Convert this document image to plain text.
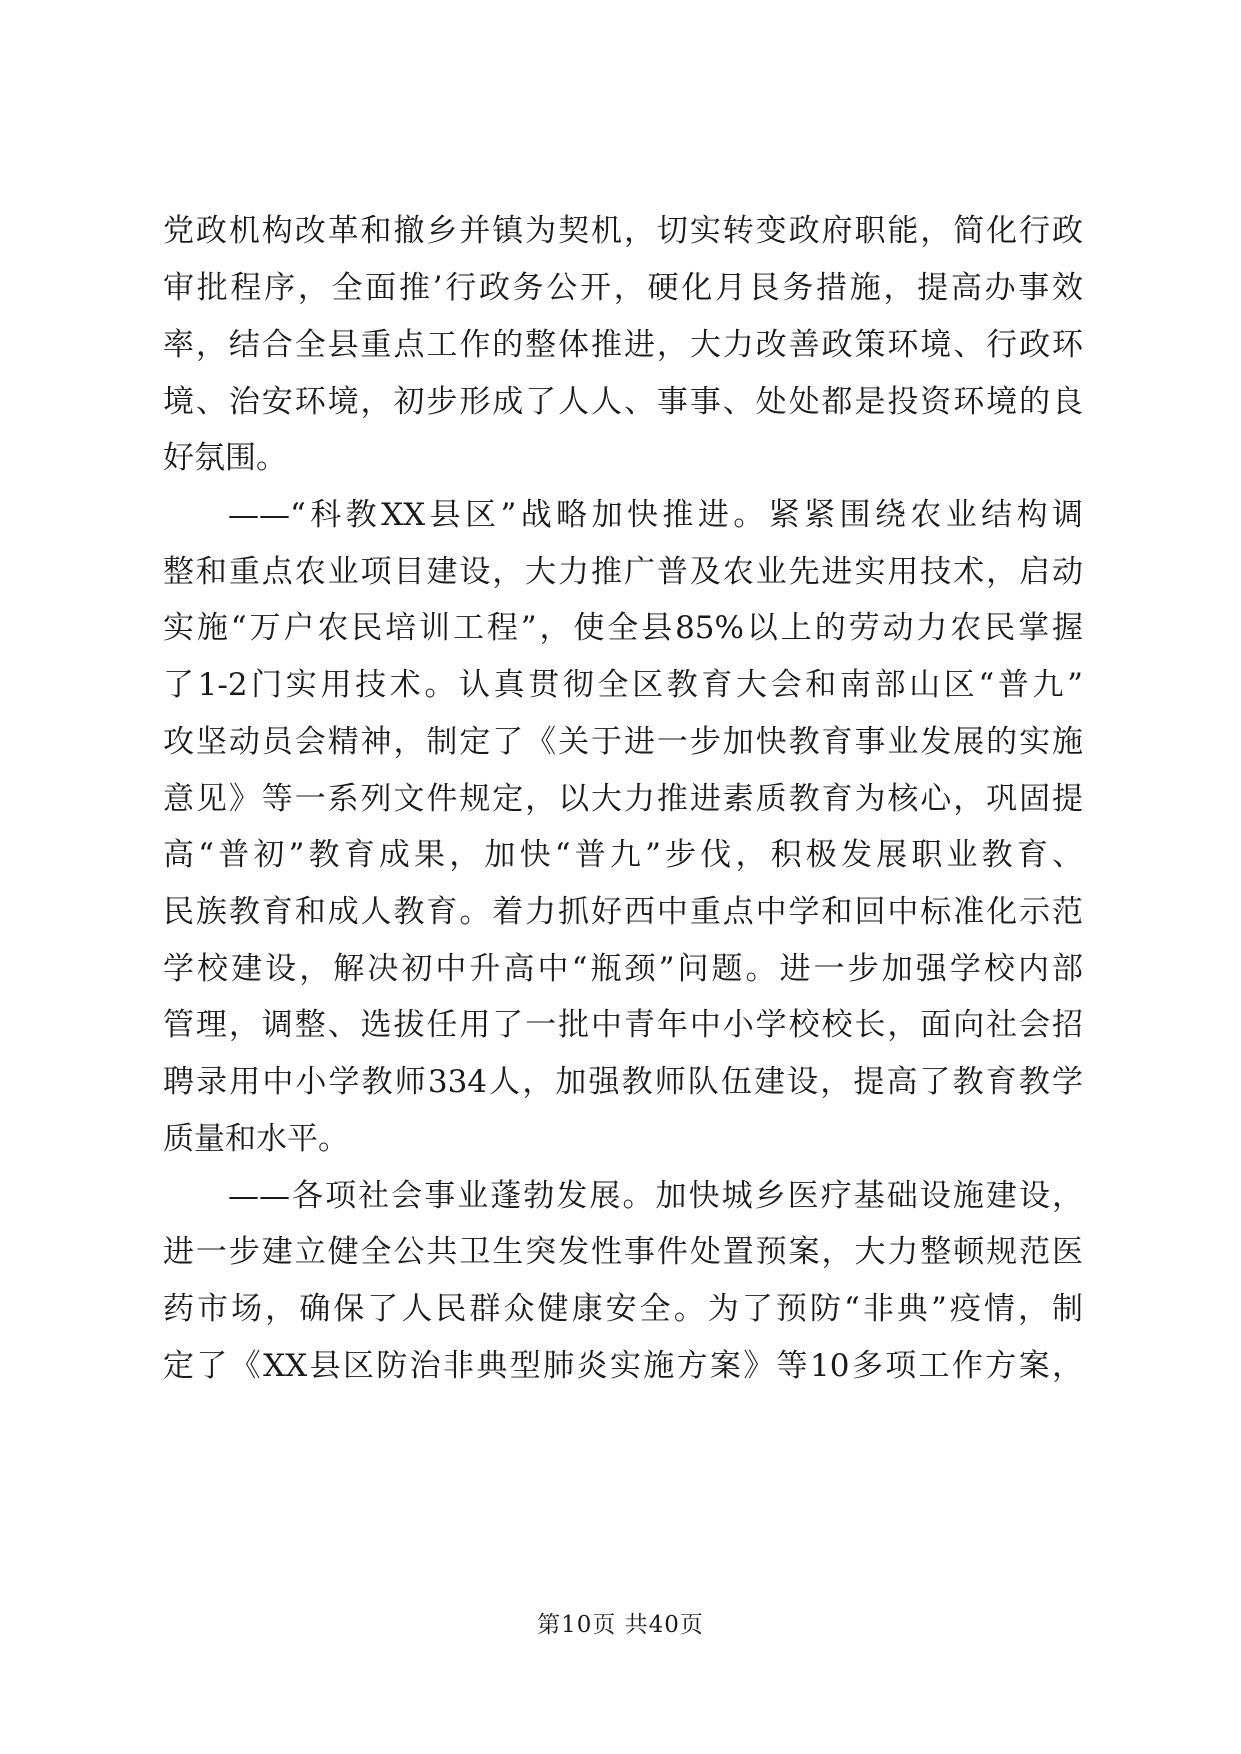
党政机构改革和撤乡并镇为契机，切实转变政府职能，简化行政
审批程序，全面推’行政务公开，硬化月艮务措施，提高办事效
率，结合全县重点工作的整体推进，大力改善政策环境、行政环
境、治安环境，初步形成了人人、事事、处处都是投资环境的良
好氛围。
——“科教XX县区”战略加快推进。紧紧围绕农业结构调
整和重点农业项目建设，大力推广普及农业先进实用技术，启动
实施“万户农民培训工程”，使全县85%以上的劳动力农民掌握
了1-2门实用技术。认真贯彻全区教育大会和南部山区“普九”
攻坚动员会精神，制定了《关于进一步加快教育事业发展的实施
意见》等一系列文件规定，以大力推进素质教育为核心，巩固提
高“普初”教育成果，加快“普九”步伐，积极发展职业教育、
民族教育和成人教育。着力抓好西中重点中学和回中标准化示范
学校建设，解决初中升高中“瓶颈”问题。进一步加强学校内部
管理，调整、选拔任用了一批中青年中小学校校长，面向社会招
聘录用中小学教师334人，加强教师队伍建设，提高了教育教学
质量和水平。
——各项社会事业蓬勃发展。加快城乡医疗基础设施建设，
进一步建立健全公共卫生突发性事件处置预案，大力整顿规范医
药市场，确保了人民群众健康安全。为了预防“非典”疫情，制
定了《XX县区防治非典型肺炎实施方案》等10多项工作方案，
第10页 共40页
